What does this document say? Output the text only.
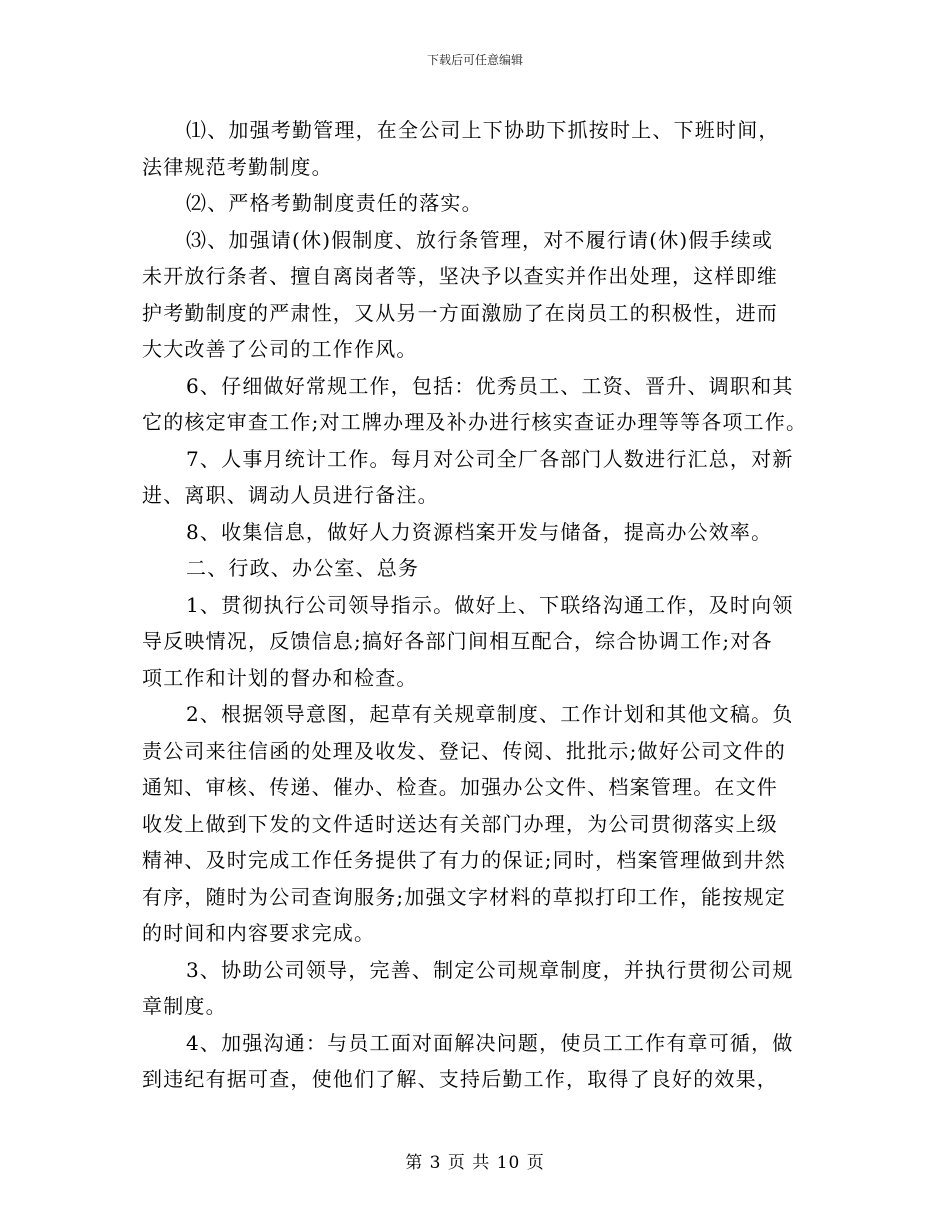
下载后可任意编辑
⑴、加强考勤管理，在全公司上下协助下抓按时上、下班时间，
法律规范考勤制度。
⑵、严格考勤制度责任的落实。
⑶、加强请(休)假制度、放行条管理，对不履行请(休)假手续或
未开放行条者、擅自离岗者等，坚决予以查实并作出处理，这样即维
护考勤制度的严肃性，又从另一方面激励了在岗员工的积极性，进而
大大改善了公司的工作作风。
6、仔细做好常规工作，包括：优秀员工、工资、晋升、调职和其
它的核定审查工作;对工牌办理及补办进行核实查证办理等等各项工作。
7、人事月统计工作。每月对公司全厂各部门人数进行汇总，对新
进、离职、调动人员进行备注。
8、收集信息，做好人力资源档案开发与储备，提高办公效率。
二、行政、办公室、总务
1、贯彻执行公司领导指示。做好上、下联络沟通工作，及时向领
导反映情况，反馈信息;搞好各部门间相互配合，综合协调工作;对各
项工作和计划的督办和检查。
2、根据领导意图，起草有关规章制度、工作计划和其他文稿。负
责公司来往信函的处理及收发、登记、传阅、批批示;做好公司文件的
通知、审核、传递、催办、检查。加强办公文件、档案管理。在文件
收发上做到下发的文件适时送达有关部门办理，为公司贯彻落实上级
精神、及时完成工作任务提供了有力的保证;同时，档案管理做到井然
有序，随时为公司查询服务;加强文字材料的草拟打印工作，能按规定
的时间和内容要求完成。
3、协助公司领导，完善、制定公司规章制度，并执行贯彻公司规
章制度。
4、加强沟通：与员工面对面解决问题，使员工工作有章可循，做
到违纪有据可查，使他们了解、支持后勤工作，取得了良好的效果，
第 3 页 共 10 页
